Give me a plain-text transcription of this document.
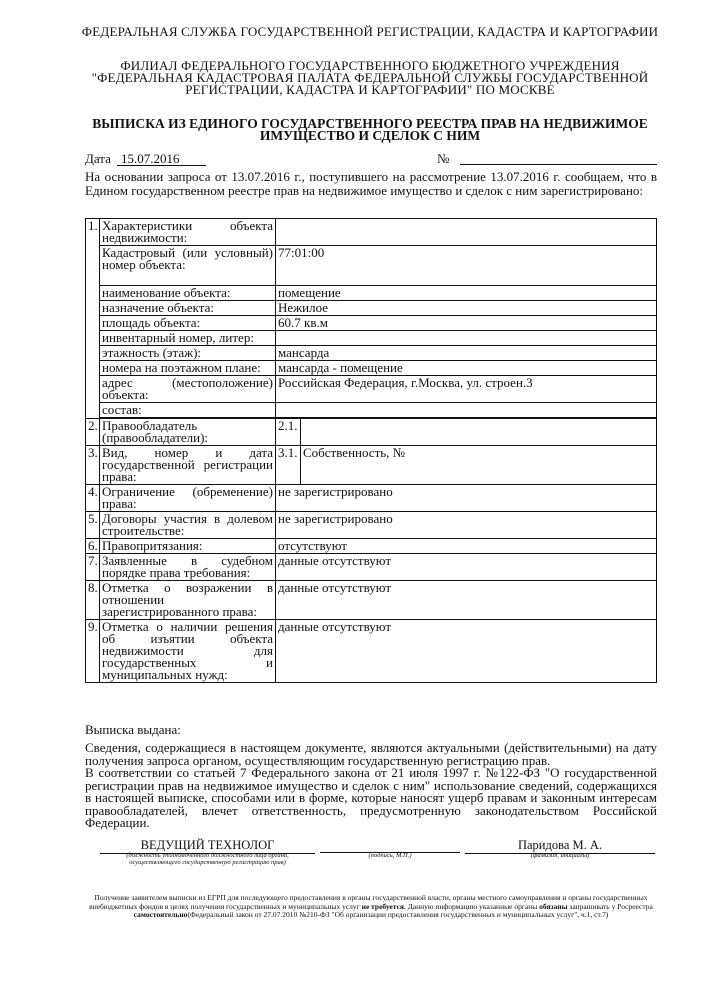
ФЕДЕРАЛЬНАЯ СЛУЖБА ГОСУДАРСТВЕННОЙ РЕГИСТРАЦИИ, КАДАСТРА И КАРТОГРАФИИ
ФИЛИАЛ ФЕДЕРАЛЬНОГО ГОСУДАРСТВЕННОГО БЮДЖЕТНОГО УЧРЕЖДЕНИЯ "ФЕДЕРАЛЬНАЯ КАДАСТРОВАЯ ПАЛАТА ФЕДЕРАЛЬНОЙ СЛУЖБЫ ГОСУДАРСТВЕННОЙ РЕГИСТРАЦИИ, КАДАСТРА И КАРТОГРАФИИ" ПО МОСКВЕ
ВЫПИСКА ИЗ ЕДИНОГО ГОСУДАРСТВЕННОГО РЕЕСТРА ПРАВ НА НЕДВИЖИМОЕ ИМУЩЕСТВО И СДЕЛОК С НИМ
Дата 15.07.2016	№
На основании запроса от 13.07.2016 г., поступившего на рассмотрение 13.07.2016 г. сообщаем, что в Едином государственном реестре прав на недвижимое имущество и сделок с ним зарегистрировано:
1.	Характеристики объекта недвижимости:		
	Кадастровый (или условный) номер объекта:	77:01:00	
	наименование объекта:	помещение	
	назначение объекта:	Нежилое	
	площадь объекта:	60.7 кв.м	
	инвентарный номер, литер:		
	этажность (этаж):	мансарда	
	номера на поэтажном плане:	мансарда - помещение	
	адрес (местоположение) объекта:	Российская Федерация, г.Москва, ул. строен.3	
	состав:		

2.	Правообладатель (правообладатели):	2.1.	
3.	Вид, номер и дата государственной регистрации права:	3.1.	Собственность, №
4.	Ограничение (обременение) права:	не зарегистрировано	
5.	Договоры участия в долевом строительстве:	не зарегистрировано	
6.	Правопритязания:	отсутствуют	
7.	Заявленные в судебном порядке права требования:	данные отсутствуют	
8.	Отметка о возражении в отношении зарегистрированного права:	данные отсутствуют	
9.	Отметка о наличии решения об изъятии объекта недвижимости для государственных и муниципальных нужд:	данные отсутствуют	
Выписка выдана:

Сведения, содержащиеся в настоящем документе, являются актуальными (действительными) на дату получения запроса органом, осуществляющим государственную регистрацию прав.

В соответствии со статьей 7 Федерального закона от 21 июля 1997 г. №122-ФЗ "О государственной регистрации прав на недвижимое имущество и сделок с ним" использование сведений, содержащихся в настоящей выписке, способами или в форме, которые наносят ущерб правам и законным интересам правообладателей, влечет ответственность, предусмотренную законодательством Российской Федерации.

ВЕДУЩИЙ ТЕХНОЛОГ	Паридова М. А.
(должность уполномоченного должностного лица органа, осуществляющего государственную регистрацию прав)
(подпись, М.П.)	(фамилия, инициалы)
Получение заявителем выписки из ЕГРП для последующего предоставления в органы государственной власти, органы местного самоуправления и органы государственных внебюджетных фондов в целях получения государственных и муниципальных услуг не требуется. Данную информацию указанные органы обязаны запрашивать у Росреестра самостоятельно(Федеральный закон от 27.07.2010 №210-ФЗ "Об организации предоставления государственных и муниципальных услуг", ч.1, ст.7)
